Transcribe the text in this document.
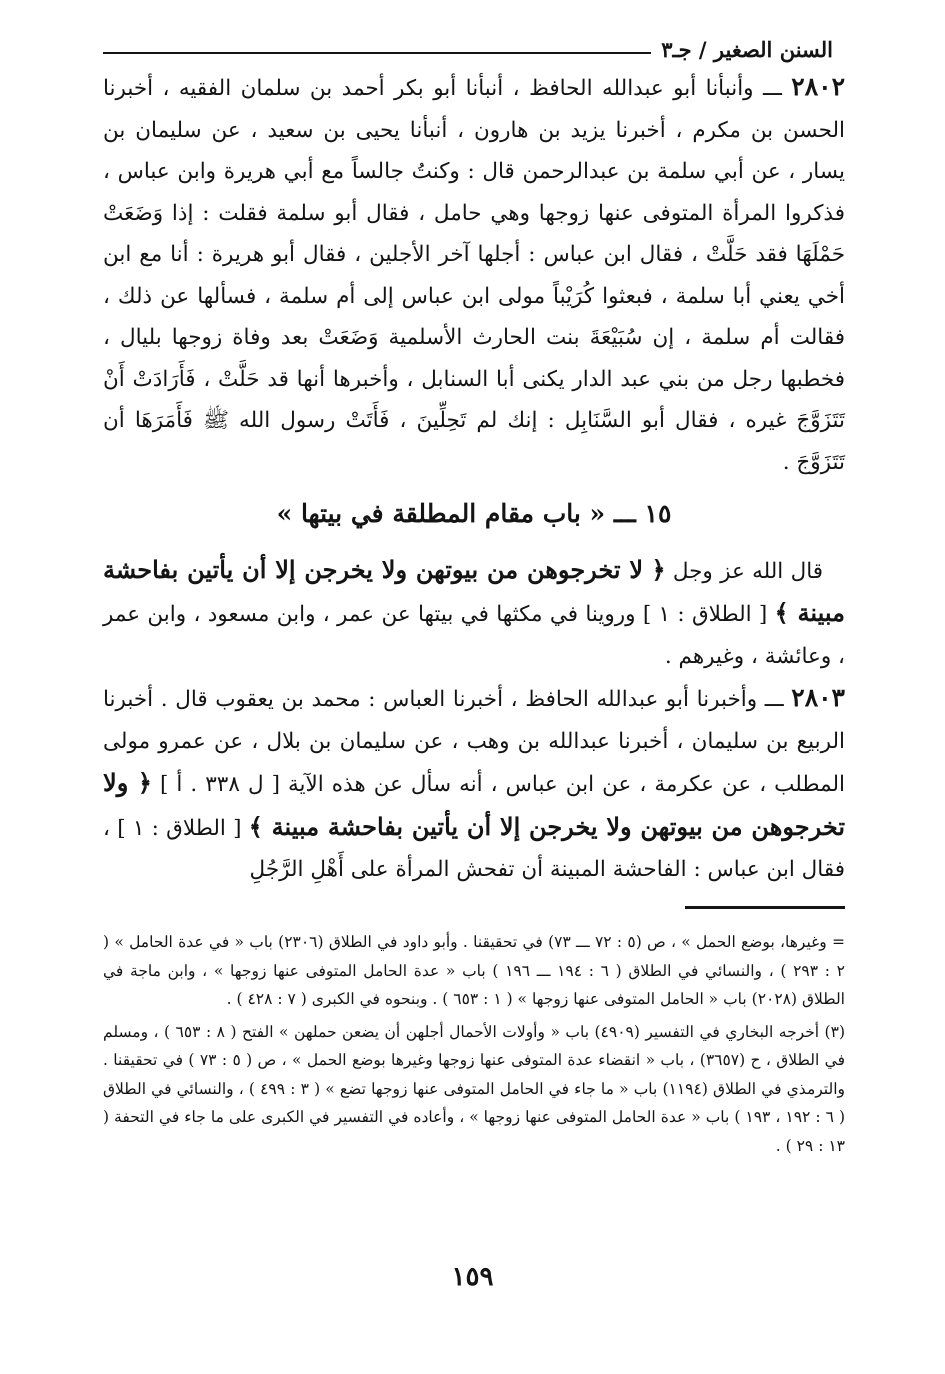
السنن الصغير / جـ٣

٢٨٠٢ ـــ وأنبأنا أبو عبدالله الحافظ ، أنبأنا أبو بكر أحمد بن سلمان الفقيه ، أخبرنا الحسن بن مكرم ، أخبرنا يزيد بن هارون ، أنبأنا يحيى بن سعيد ، عن سليمان بن يسار ، عن أبي سلمة بن عبدالرحمن قال : وكنتُ جالساً مع أبي هريرة وابن عباس ، فذكروا المرأة المتوفى عنها زوجها وهي حامل ، فقال أبو سلمة فقلت : إذا وَضَعَتْ حَمْلَهَا فقد حَلَّتْ ، فقال ابن عباس : أجلها آخر الأجلين ، فقال أبو هريرة : أنا مع ابن أخي يعني أبا سلمة ، فبعثوا كُرَيْباً مولى ابن عباس إلى أم سلمة ، فسألها عن ذلك ، فقالت أم سلمة ، إن سُبَيْعَةَ بنت الحارث الأسلمية وَضَعَتْ بعد وفاة زوجها بليال ، فخطبها رجل من بني عبد الدار يكنى أبا السنابل ، وأخبرها أنها قد حَلَّتْ ، فَأَرَادَتْ أَنْ تَتَزَوَّجَ غيره ، فقال أبو السَّنَابِل : إنك لم تَحِلِّينَ ، فَأَتَتْ رسول الله ﷺ فَأَمَرَهَا أن تَتَزَوَّجَ .

١٥ ـــ « باب مقام المطلقة في بيتها »

قال الله عز وجل ﴿ لا تخرجوهن من بيوتهن ولا يخرجن إلا أن يأتين بفاحشة مبينة ﴾ [ الطلاق : ١ ] وروينا في مكثها في بيتها عن عمر ، وابن مسعود ، وابن عمر ، وعائشة ، وغيرهم .

٢٨٠٣ ـــ وأخبرنا أبو عبدالله الحافظ ، أخبرنا العباس : محمد بن يعقوب قال . أخبرنا الربيع بن سليمان ، أخبرنا عبدالله بن وهب ، عن سليمان بن بلال ، عن عمرو مولى المطلب ، عن عكرمة ، عن ابن عباس ، أنه سأل عن هذه الآية [ ل ٣٣٨ . أ ] ﴿ ولا تخرجوهن من بيوتهن ولا يخرجن إلا أن يأتين بفاحشة مبينة ﴾ [ الطلاق : ١ ] ، فقال ابن عباس : الفاحشة المبينة أن تفحش المرأة على أَهْلِ الرَّجُلِ

= وغيرها، بوضع الحمل » ، ص (٥ : ٧٢ ـــ ٧٣) في تحقيقنا . وأبو داود في الطلاق (٢٣٠٦) باب « في عدة الحامل » ( ٢ : ٢٩٣ ) ، والنسائي في الطلاق ( ٦ : ١٩٤ ـــ ١٩٦ ) باب « عدة الحامل المتوفى عنها زوجها » ، وابن ماجة في الطلاق (٢٠٢٨) باب « الحامل المتوفى عنها زوجها » ( ١ : ٦٥٣ ) . وبنحوه في الكبرى ( ٧ : ٤٢٨ ) .

(٣) أخرجه البخاري في التفسير (٤٩٠٩) باب « وأولات الأحمال أجلهن أن يضعن حملهن » الفتح ( ٨ : ٦٥٣ ) ، ومسلم في الطلاق ، ح (٣٦٥٧) ، باب « انقضاء عدة المتوفى عنها زوجها وغيرها بوضع الحمل » ، ص ( ٥ : ٧٣ ) في تحقيقنا . والترمذي في الطلاق (١١٩٤) باب « ما جاء في الحامل المتوفى عنها زوجها تضع » ( ٣ : ٤٩٩ ) ، والنسائي في الطلاق ( ٦ : ١٩٢ ، ١٩٣ ) باب « عدة الحامل المتوفى عنها زوجها » ، وأعاده في التفسير في الكبرى على ما جاء في التحفة ( ١٣ : ٢٩ ) .

١٥٩
